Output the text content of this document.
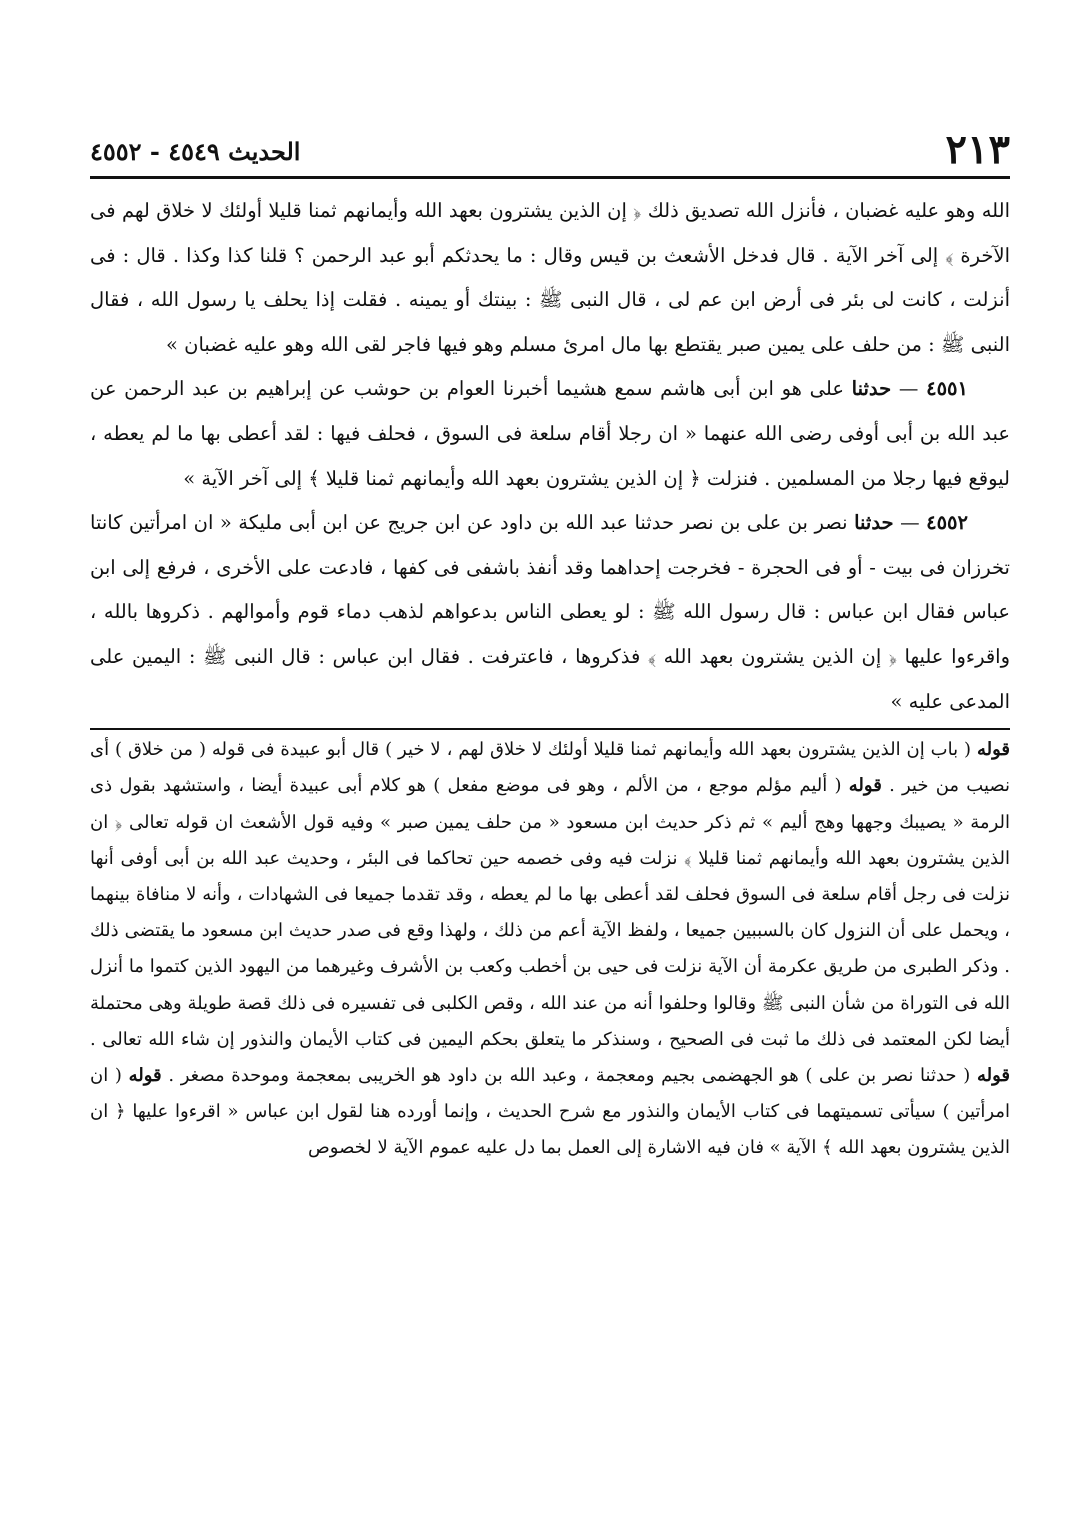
٢١٣
الحديث ٤٥٤٩ - ٤٥٥٢

الله وهو عليه غضبان ، فأنزل الله تصديق ذلك ﴿ إن الذين يشترون بعهد الله وأيمانهم ثمنا قليلا أولئك لا خلاق لهم فى الآخرة ﴾ إلى آخر الآية . قال فدخل الأشعث بن قيس وقال : ما يحدثكم أبو عبد الرحمن ؟ قلنا كذا وكذا . قال : فى أنزلت ، كانت لى بئر فى أرض ابن عم لى ، قال النبى ﷺ : بينتك أو يمينه . فقلت إذا يحلف يا رسول الله ، فقال النبى ﷺ : من حلف على يمين صبر يقتطع بها مال امرئ مسلم وهو فيها فاجر لقى الله وهو عليه غضبان »

٤٥٥١ — حدثنا على هو ابن أبى هاشم سمع هشيما أخبرنا العوام بن حوشب عن إبراهيم بن عبد الرحمن عن عبد الله بن أبى أوفى رضى الله عنهما « ان رجلا أقام سلعة فى السوق ، فحلف فيها : لقد أعطى بها ما لم يعطه ، ليوقع فيها رجلا من المسلمين . فنزلت ﴿ إن الذين يشترون بعهد الله وأيمانهم ثمنا قليلا ﴾ إلى آخر الآية »

٤٥٥٢ — حدثنا نصر بن على بن نصر حدثنا عبد الله بن داود عن ابن جريج عن ابن أبى مليكة « ان امرأتين كانتا تخرزان فى بيت - أو فى الحجرة - فخرجت إحداهما وقد أنفذ باشفى فى كفها ، فادعت على الأخرى ، فرفع إلى ابن عباس فقال ابن عباس : قال رسول الله ﷺ : لو يعطى الناس بدعواهم لذهب دماء قوم وأموالهم . ذكروها بالله ، واقرءوا عليها ﴿ إن الذين يشترون بعهد الله ﴾ فذكروها ، فاعترفت . فقال ابن عباس : قال النبى ﷺ : اليمين على المدعى عليه »

قوله ( باب إن الذين يشترون بعهد الله وأيمانهم ثمنا قليلا أولئك لا خلاق لهم ، لا خير ) قال أبو عبيدة فى قوله ( من خلاق ) أى نصيب من خير . قوله ( أليم مؤلم موجع ، من الألم ، وهو فى موضع مفعل ) هو كلام أبى عبيدة أيضا ، واستشهد بقول ذى الرمة « يصيبك وجهها وهج أليم » ثم ذكر حديث ابن مسعود « من حلف يمين صبر » وفيه قول الأشعث ان قوله تعالى ﴿ ان الذين يشترون بعهد الله وأيمانهم ثمنا قليلا ﴾ نزلت فيه وفى خصمه حين تحاكما فى البئر ، وحديث عبد الله بن أبى أوفى أنها نزلت فى رجل أقام سلعة فى السوق فحلف لقد أعطى بها ما لم يعطه ، وقد تقدما جميعا فى الشهادات ، وأنه لا منافاة بينهما ، ويحمل على أن النزول كان بالسببين جميعا ، ولفظ الآية أعم من ذلك ، ولهذا وقع فى صدر حديث ابن مسعود ما يقتضى ذلك . وذكر الطبرى من طريق عكرمة أن الآية نزلت فى حيى بن أخطب وكعب بن الأشرف وغيرهما من اليهود الذين كتموا ما أنزل الله فى التوراة من شأن النبى ﷺ وقالوا وحلفوا أنه من عند الله ، وقص الكلبى فى تفسيره فى ذلك قصة طويلة وهى محتملة أيضا لكن المعتمد فى ذلك ما ثبت فى الصحيح ، وسنذكر ما يتعلق بحكم اليمين فى كتاب الأيمان والنذور إن شاء الله تعالى . قوله ( حدثنا نصر بن على ) هو الجهضمى بجيم ومعجمة ، وعبد الله بن داود هو الخريبى بمعجمة وموحدة مصغر . قوله ( ان امرأتين ) سيأتى تسميتهما فى كتاب الأيمان والنذور مع شرح الحديث ، وإنما أورده هنا لقول ابن عباس « اقرءوا عليها ﴿ ان الذين يشترون بعهد الله ﴾ الآية » فان فيه الاشارة إلى العمل بما دل عليه عموم الآية لا لخصوص
